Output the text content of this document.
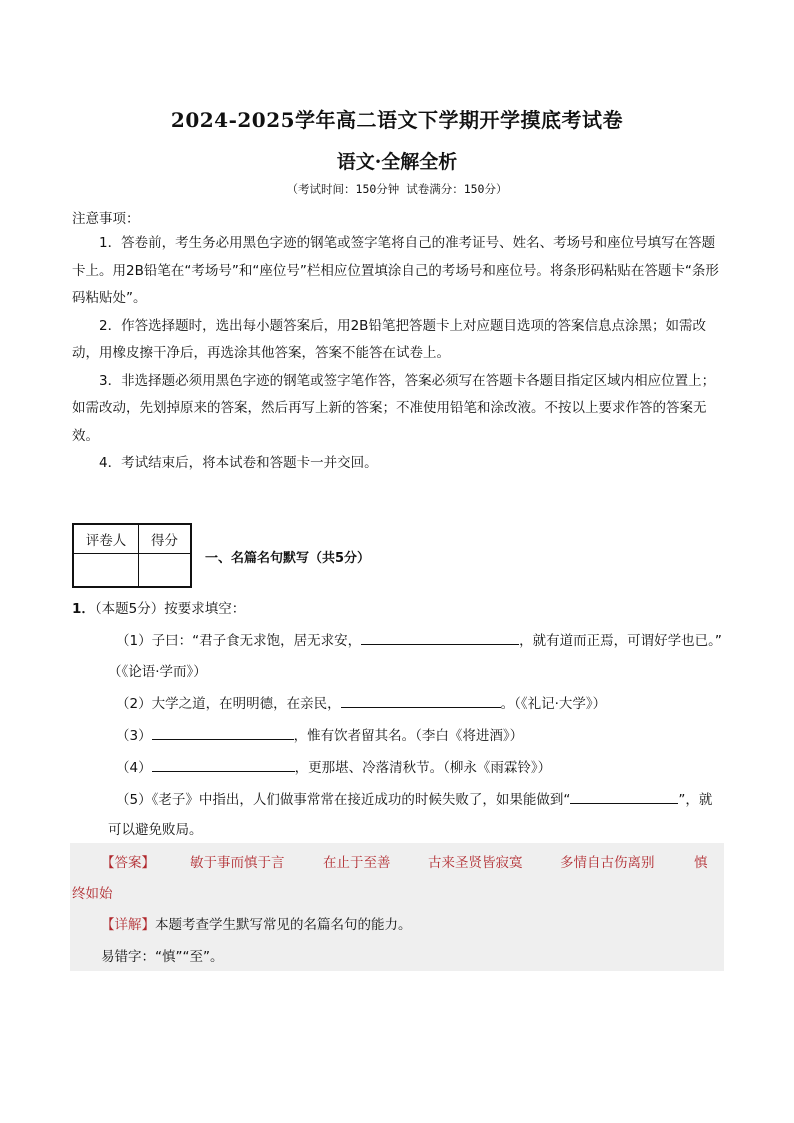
2024-2025学年高二语文下学期开学摸底考试卷
语文·全解全析
（考试时间：150分钟 试卷满分：150分）
注意事项：

1．答卷前，考生务必用黑色字迹的钢笔或签字笔将自己的准考证号、姓名、考场号和座位号填写在答题卡上。用2B铅笔在“考场号”和“座位号”栏相应位置填涂自己的考场号和座位号。将条形码粘贴在答题卡“条形码粘贴处”。

2．作答选择题时，选出每小题答案后，用2B铅笔把答题卡上对应题目选项的答案信息点涂黑；如需改动，用橡皮擦干净后，再选涂其他答案，答案不能答在试卷上。

3．非选择题必须用黑色字迹的钢笔或签字笔作答，答案必须写在答题卡各题目指定区域内相应位置上；如需改动，先划掉原来的答案，然后再写上新的答案；不准使用铅笔和涂改液。不按以上要求作答的答案无效。

4．考试结束后，将本试卷和答题卡一并交回。

评卷人	得分

一、名篇名句默写（共5分）
1．（本题5分）按要求填空：
（1）子曰：“君子食无求饱，居无求安，	，就有道而正焉，可谓好学也已。”
（《论语·学而》）
（2）大学之道，在明明德，在亲民，	。（《礼记·大学》）
（3）	，惟有饮者留其名。（李白《将进酒》）
（4）	，更那堪、冷落清秋节。（柳永《雨霖铃》）
（5）《老子》中指出，人们做事常常在接近成功的时候失败了，如果能做到“	”，就
可以避免败局。
【答案】	敏于事而慎于言	在止于至善	古来圣贤皆寂寞	多情自古伤离别	慎
终如始
【详解】本题考查学生默写常见的名篇名句的能力。
易错字：“慎”“至”。
